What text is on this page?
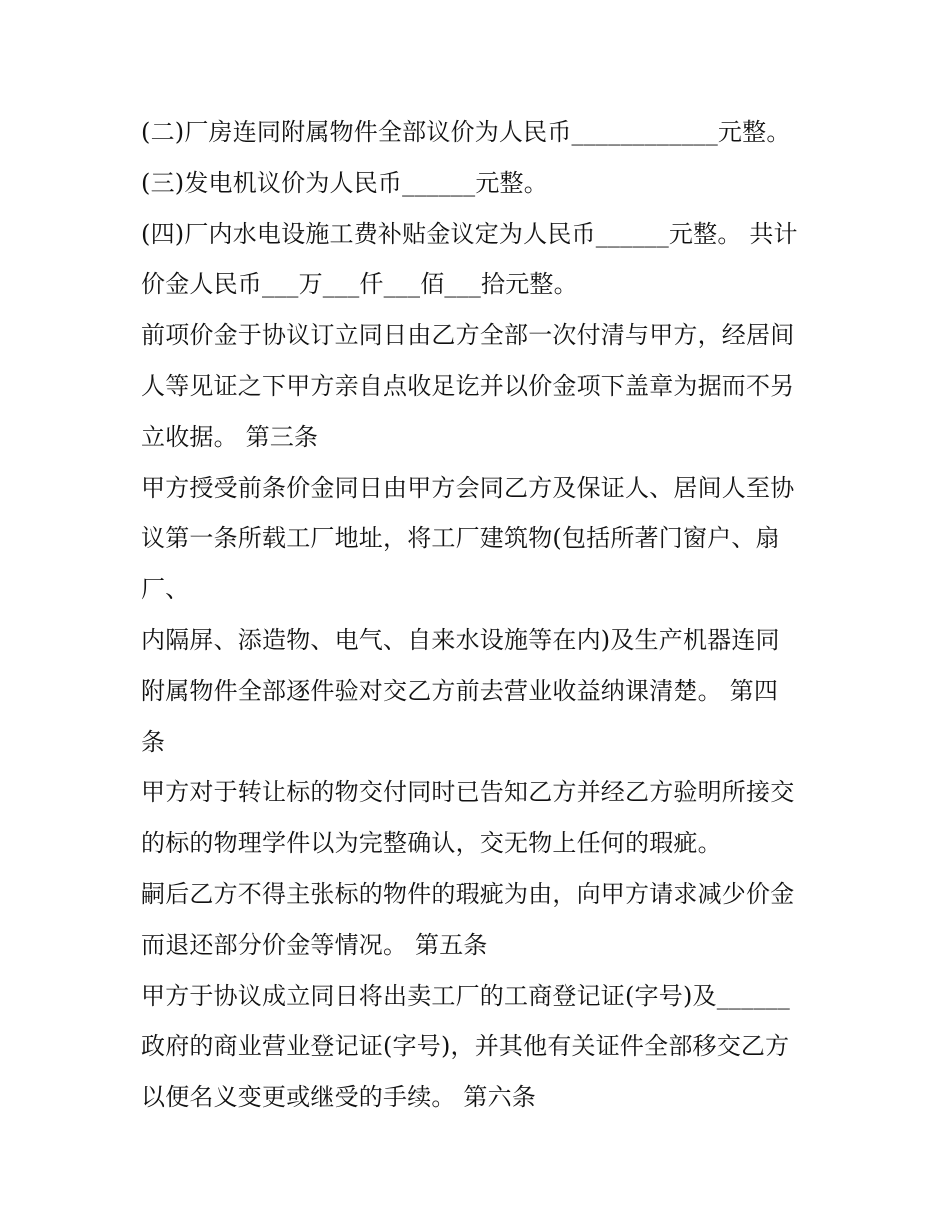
(二)厂房连同附属物件全部议价为人民币____________元整。
(三)发电机议价为人民币______元整。
(四)厂内水电设施工费补贴金议定为人民币______元整。 共计
价金人民币___万___仟___佰___拾元整。
前项价金于协议订立同日由乙方全部一次付清与甲方，经居间
人等见证之下甲方亲自点收足讫并以价金项下盖章为据而不另
立收据。 第三条
甲方授受前条价金同日由甲方会同乙方及保证人、居间人至协
议第一条所载工厂地址，将工厂建筑物(包括所著门窗户、扇
厂、
内隔屏、添造物、电气、自来水设施等在内)及生产机器连同
附属物件全部逐件验对交乙方前去营业收益纳课清楚。 第四
条
甲方对于转让标的物交付同时已告知乙方并经乙方验明所接交
的标的物理学件以为完整确认，交无物上任何的瑕疵。
嗣后乙方不得主张标的物件的瑕疵为由，向甲方请求减少价金
而退还部分价金等情况。 第五条
甲方于协议成立同日将出卖工厂的工商登记证(字号)及______
政府的商业营业登记证(字号)，并其他有关证件全部移交乙方
以便名义变更或继受的手续。 第六条
